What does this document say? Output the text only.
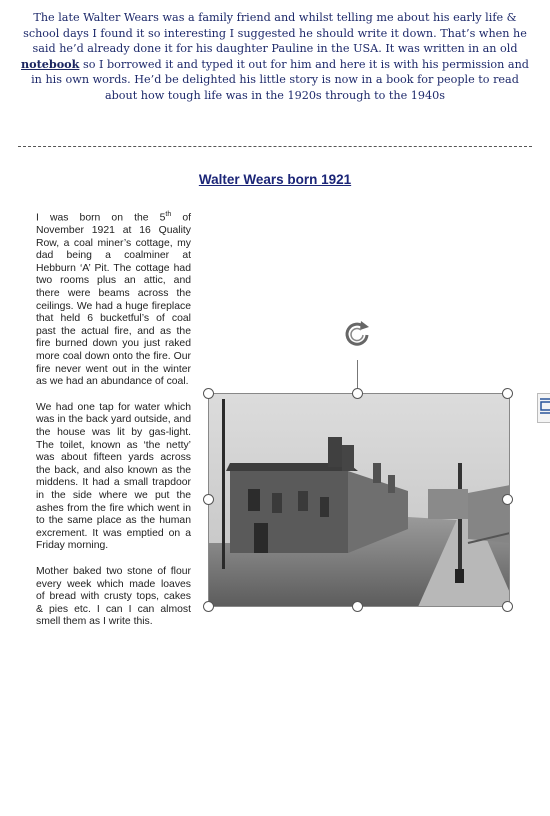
The late Walter Wears was a family friend and whilst telling me about his early life & school days I found it so interesting I suggested he should write it down. That’s when he said he’d already done it for his daughter Pauline in the USA. It was written in an old notebook so I borrowed it and typed it out for him and here it is with his permission and in his own words. He’d be delighted his little story is now in a book for people to read about how tough life was in the 1920s through to the 1940s
Walter Wears born 1921

I was born on the 5th of November 1921 at 16 Quality Row, a coal miner’s cottage, my dad being a coalminer at Hebburn ‘A’ Pit. The cottage had two rooms plus an attic, and there were beams across the ceilings. We had a huge fireplace that held 6 bucketful’s of coal past the actual fire, and as the fire burned down you just raked more coal down onto the fire. Our fire never went out in the winter as we had an abundance of coal.

We had one tap for water which was in the back yard outside, and the house was lit by gas-light. The toilet, known as ‘the netty’ was about fifteen yards across the back, and also known as the middens. It had a small trapdoor in the side where we put the ashes from the fire which went in to the same place as the human excrement. It was emptied on a Friday morning.

Mother baked two stone of flour every week which made loaves of bread with crusty tops, cakes & pies etc. I can I can almost smell them as I write this.
